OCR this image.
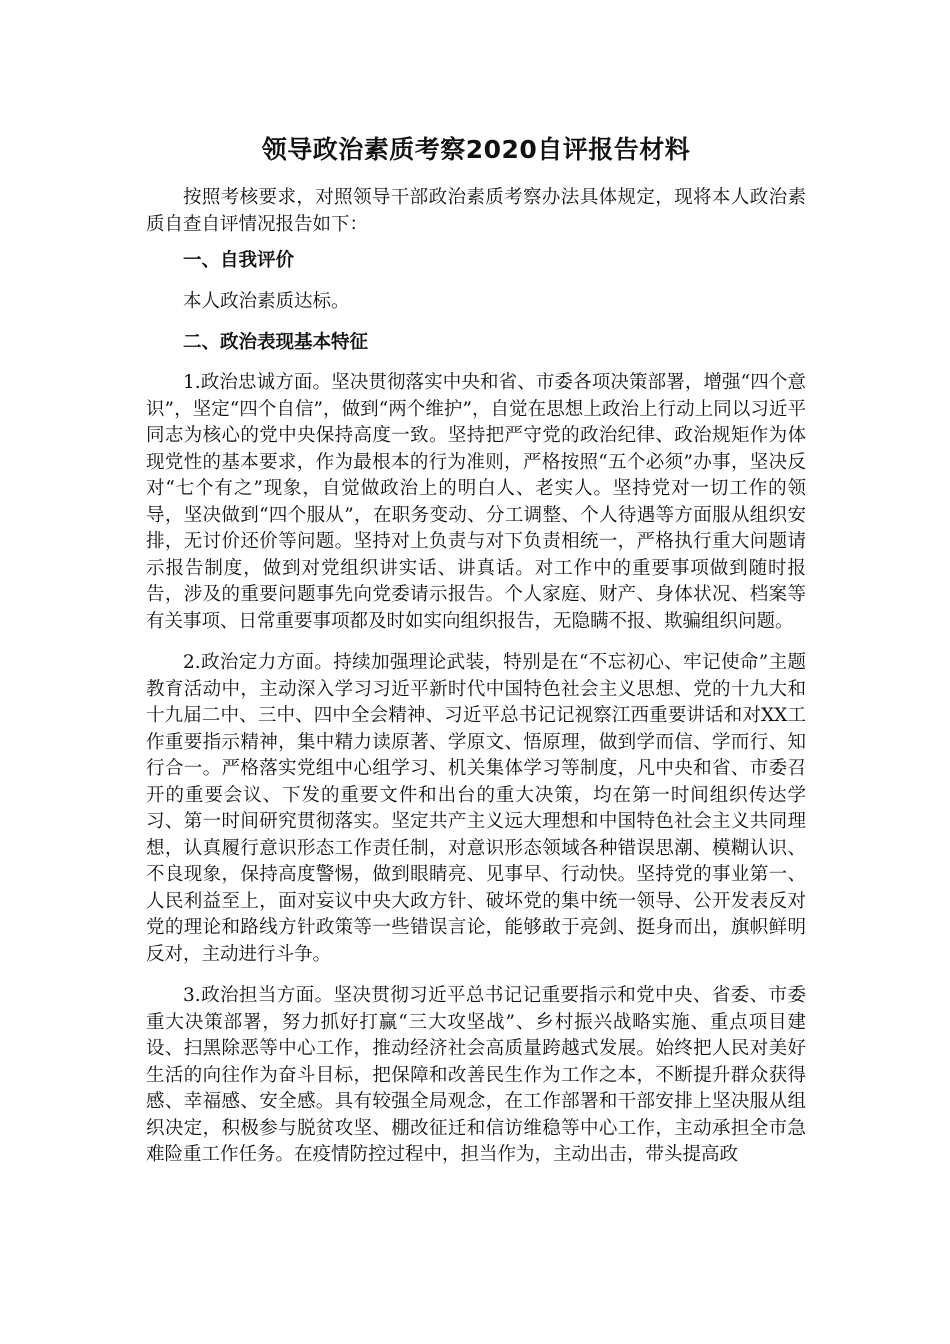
领导政治素质考察2020自评报告材料

按照考核要求，对照领导干部政治素质考察办法具体规定，现将本人政治素质自查自评情况报告如下：

一、自我评价

本人政治素质达标。

二、政治表现基本特征

1.政治忠诚方面。坚决贯彻落实中央和省、市委各项决策部署，增强“四个意识”，坚定“四个自信”，做到“两个维护”，自觉在思想上政治上行动上同以习近平同志为核心的党中央保持高度一致。坚持把严守党的政治纪律、政治规矩作为体现党性的基本要求，作为最根本的行为准则，严格按照“五个必须”办事，坚决反对“七个有之”现象，自觉做政治上的明白人、老实人。坚持党对一切工作的领导，坚决做到“四个服从”，在职务变动、分工调整、个人待遇等方面服从组织安排，无讨价还价等问题。坚持对上负责与对下负责相统一，严格执行重大问题请示报告制度，做到对党组织讲实话、讲真话。对工作中的重要事项做到随时报告，涉及的重要问题事先向党委请示报告。个人家庭、财产、身体状况、档案等有关事项、日常重要事项都及时如实向组织报告，无隐瞒不报、欺骗组织问题。

2.政治定力方面。持续加强理论武装，特别是在“不忘初心、牢记使命”主题教育活动中，主动深入学习习近平新时代中国特色社会主义思想、党的十九大和十九届二中、三中、四中全会精神、习近平总书记记视察江西重要讲话和对XX工作重要指示精神，集中精力读原著、学原文、悟原理，做到学而信、学而行、知行合一。严格落实党组中心组学习、机关集体学习等制度，凡中央和省、市委召开的重要会议、下发的重要文件和出台的重大决策，均在第一时间组织传达学习、第一时间研究贯彻落实。坚定共产主义远大理想和中国特色社会主义共同理想，认真履行意识形态工作责任制，对意识形态领域各种错误思潮、模糊认识、不良现象，保持高度警惕，做到眼睛亮、见事早、行动快。坚持党的事业第一、人民利益至上，面对妄议中央大政方针、破坏党的集中统一领导、公开发表反对党的理论和路线方针政策等一些错误言论，能够敢于亮剑、挺身而出，旗帜鲜明反对，主动进行斗争。

3.政治担当方面。坚决贯彻习近平总书记记重要指示和党中央、省委、市委重大决策部署，努力抓好打赢“三大攻坚战”、乡村振兴战略实施、重点项目建设、扫黑除恶等中心工作，推动经济社会高质量跨越式发展。始终把人民对美好生活的向往作为奋斗目标，把保障和改善民生作为工作之本，不断提升群众获得感、幸福感、安全感。具有较强全局观念，在工作部署和干部安排上坚决服从组织决定，积极参与脱贫攻坚、棚改征迁和信访维稳等中心工作，主动承担全市急难险重工作任务。在疫情防控过程中，担当作为，主动出击，带头提高政
